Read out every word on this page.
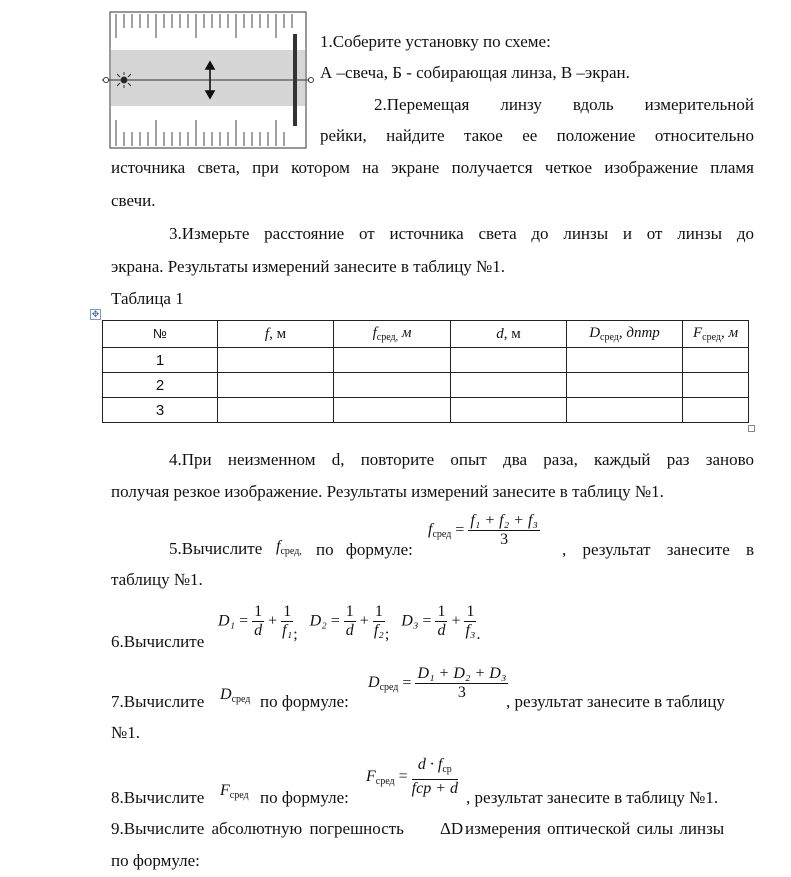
1.Соберите установку по схеме:
А –свеча, Б - собирающая линза, В –экран.
2.Перемещая линзу вдоль измерительной
рейки, найдите такое ее положение относительно
источника света, при котором на экране получается четкое изображение пламя
свечи.
3.Измерьте расстояние от источника света до линзы и от линзы до
экрана. Результаты измерений занесите в таблицу №1.
Таблица 1
✥
№	f, м	$f_{сред,}$ м	d, м	$D_{сред}$, дптр	$F_{сред}$, м
1					
2					
3					
4.При неизменном d, повторите опыт два раза, каждый раз заново
получая резкое изображение. Результаты измерений занесите в таблицу №1.
5.Вычислите $f_{сред,}$ по формуле:
$f_{сред} = \frac{\text{f₁ + f₂ + f₃}}{3}$
, результат занесите в
таблицу №1.
6.Вычислите
$D_1 = \frac{1}{d} + \frac{1}{\text{f₁}}$ ;   $D_2 = \frac{1}{d} + \frac{1}{\text{f₂}}$ ;   $D_3 = \frac{1}{d} + \frac{1}{\text{f₃}}$ .
7.Вычислите $D_{сред}$ по формуле:
$D_{сред} = \frac{\text{D₁ + D₂ + D₃}}{3}$
, результат занесите в таблицу
№1.
8.Вычислите $F_{сред}$ по формуле:
$F_{сред} = \frac{d \cdot f_{ср}}{\text{fср + d}}$ , результат занесите в таблицу №1.
9.Вычислите абсолютную погрешность ΔD измерения оптической силы линзы
по формуле:
